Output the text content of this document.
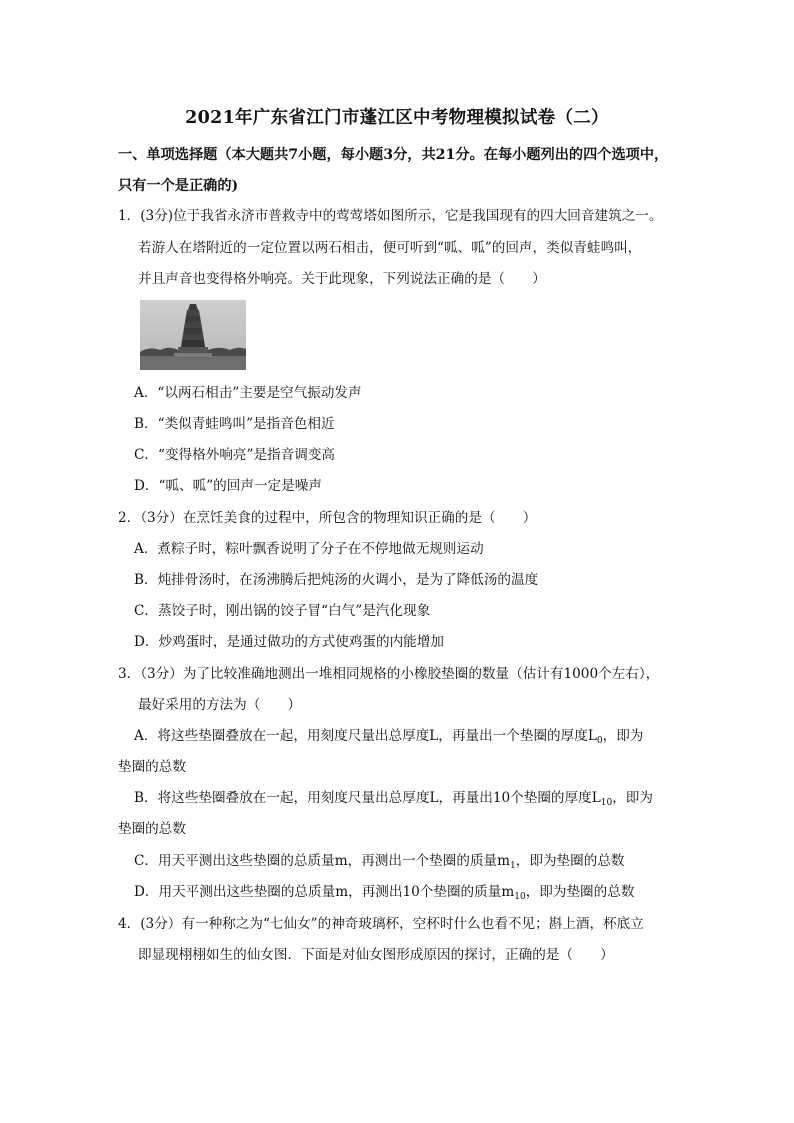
2021年广东省江门市蓬江区中考物理模拟试卷（二）
一、单项选择题（本大题共7小题，每小题3分，共21分。在每小题列出的四个选项中，
只有一个是正确的)
1．(3分)位于我省永济市普救寺中的莺莺塔如图所示，它是我国现有的四大回音建筑之一。
若游人在塔附近的一定位置以两石相击，便可听到“呱、呱”的回声，类似青蛙鸣叫，
并且声音也变得格外响亮。关于此现象，下列说法正确的是（　　）
A．“以两石相击”主要是空气振动发声
B．“类似青蛙鸣叫”是指音色相近
C．“变得格外响亮”是指音调变高
D．“呱、呱”的回声一定是噪声
2．（3分）在烹饪美食的过程中，所包含的物理知识正确的是（　　）
A．煮粽子时，粽叶飘香说明了分子在不停地做无规则运动
B．炖排骨汤时，在汤沸腾后把炖汤的火调小，是为了降低汤的温度
C．蒸饺子时，刚出锅的饺子冒“白气”是汽化现象
D．炒鸡蛋时，是通过做功的方式使鸡蛋的内能增加
3．（3分）为了比较准确地测出一堆相同规格的小橡胶垫圈的数量（估计有1000个左右），
最好采用的方法为（　　）
A．将这些垫圈叠放在一起，用刻度尺量出总厚度L，再量出一个垫圈的厚度$L_0$，即为
垫圈的总数
B．将这些垫圈叠放在一起，用刻度尺量出总厚度L，再量出10个垫圈的厚度$L_{10}$，即为
垫圈的总数
C．用天平测出这些垫圈的总质量m，再测出一个垫圈的质量$m_1$，即为垫圈的总数
D．用天平测出这些垫圈的总质量m，再测出10个垫圈的质量$m_{10}$，即为垫圈的总数
4．(3分）有一种称之为“七仙女”的神奇玻璃杯，空杯时什么也看不见；斟上酒，杯底立
即显现栩栩如生的仙女图．下面是对仙女图形成原因的探讨，正确的是（　　）
